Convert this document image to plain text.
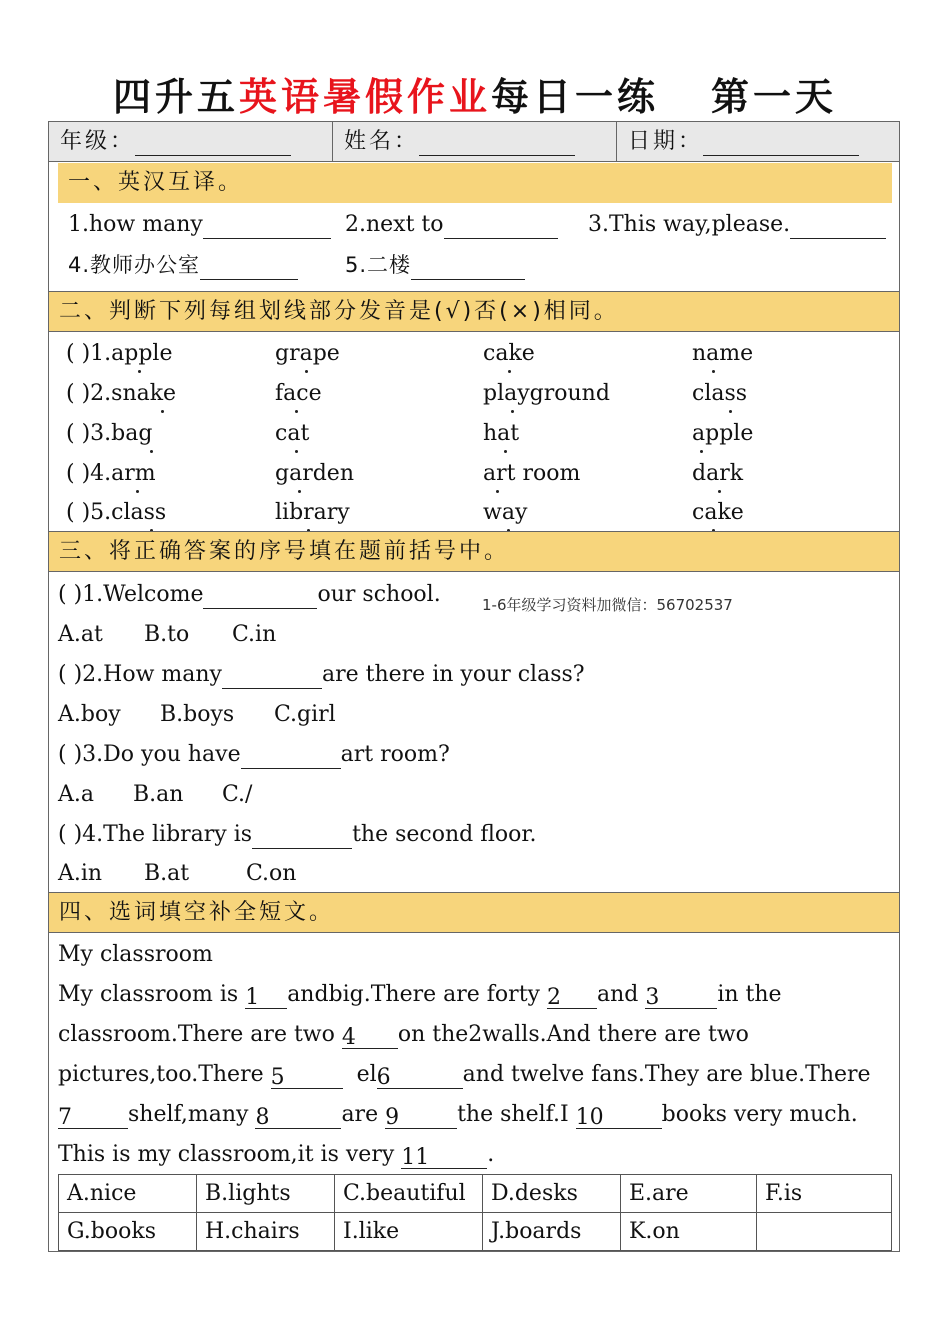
四升五英语暑假作业每日一练 第一天
年级：	姓名：	日期：
一、英汉互译。
1.how many	2.next to	3.This way,please.
4.教师办公室	5.二楼
二、判断下列每组划线部分发音是(√)否(×)相同。
( )1.apple	grape	cake	name
( )2.snake	face	playground	class
( )3.bag	cat	hat	apple
( )4.arm	garden	art room	dark
( )5.class	library	way	cake
三、将正确答案的序号填在题前括号中。
( )1.Welcome	our school.	1-6年级学习资料加微信：56702537
A.at B.to C.in
( )2.How many	are there in your class?
A.boy B.boys C.girl
( )3.Do you have	art room?
A.a B.an C./
( )4.The library is	the second floor.
A.in B.at	C.on
四、选词填空补全短文。
My classroom
My classroom is 1 andbig.There are forty 2 and 3	in the
classroom.There are two 4 on the2walls.And there are two
pictures,too.There 5	el6	and twelve fans.They are blue.There
7	shelf,many 8	are 9	the shelf.I 10	books very much.
This is my classroom,it is very 11	.
A.nice	B.lights	C.beautiful	D.desks	E.are	F.is
G.books	H.chairs	I.like	J.boards	K.on	
